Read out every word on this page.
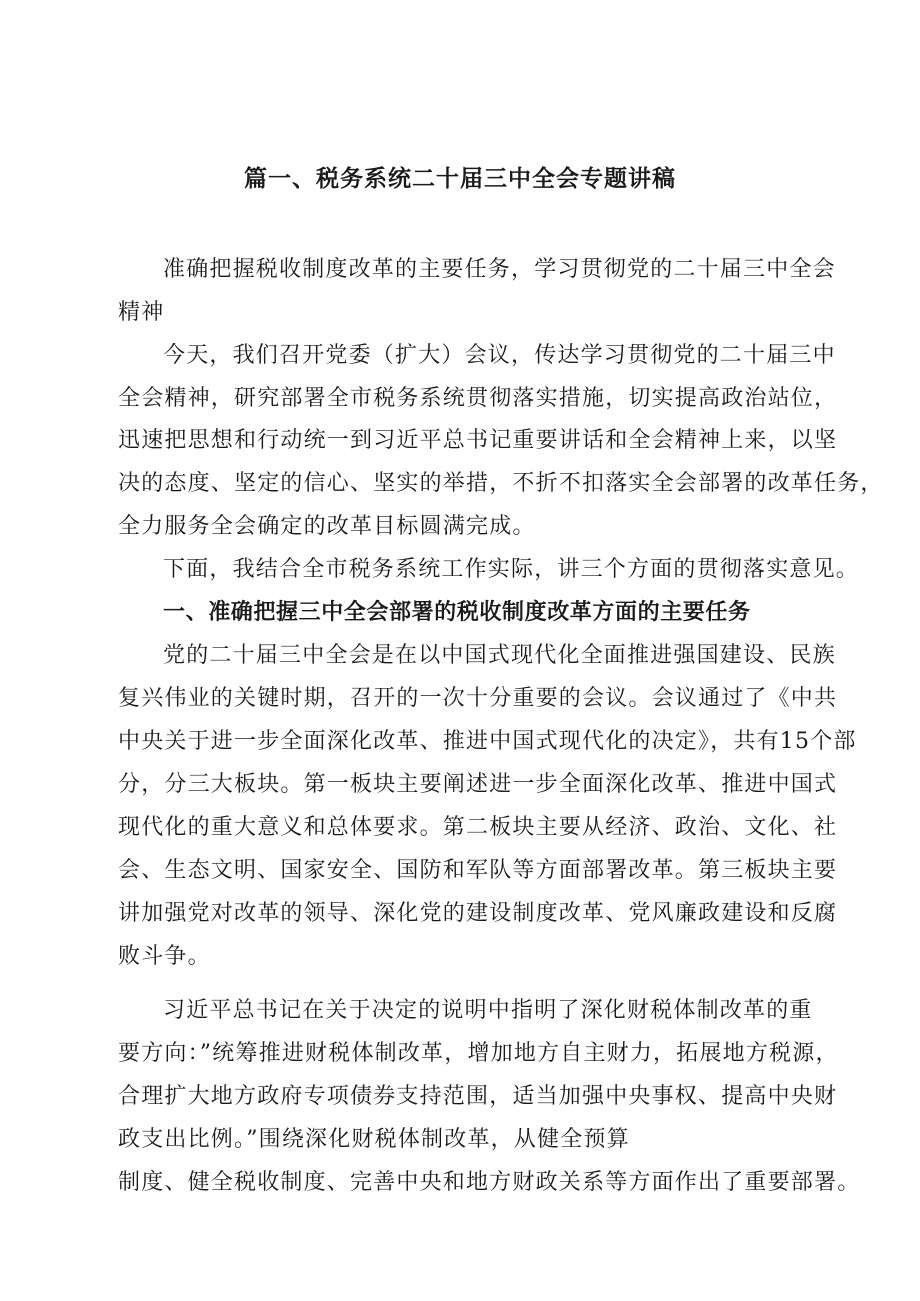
篇一、税务系统二十届三中全会专题讲稿
准确把握税收制度改革的主要任务，学习贯彻党的二十届三中全会
精神
今天，我们召开党委（扩大）会议，传达学习贯彻党的二十届三中
全会精神，研究部署全市税务系统贯彻落实措施，切实提高政治站位，
迅速把思想和行动统一到习近平总书记重要讲话和全会精神上来，以坚
决的态度、坚定的信心、坚实的举措，不折不扣落实全会部署的改革任务，
全力服务全会确定的改革目标圆满完成。
下面，我结合全市税务系统工作实际，讲三个方面的贯彻落实意见。
一、准确把握三中全会部署的税收制度改革方面的主要任务
党的二十届三中全会是在以中国式现代化全面推进强国建设、民族
复兴伟业的关键时期，召开的一次十分重要的会议。会议通过了《中共
中央关于进一步全面深化改革、推进中国式现代化的决定》，共有15个部
分，分三大板块。第一板块主要阐述进一步全面深化改革、推进中国式
现代化的重大意义和总体要求。第二板块主要从经济、政治、文化、社
会、生态文明、国家安全、国防和军队等方面部署改革。第三板块主要
讲加强党对改革的领导、深化党的建设制度改革、党风廉政建设和反腐
败斗争。
习近平总书记在关于决定的说明中指明了深化财税体制改革的重
要方向：”统筹推进财税体制改革，增加地方自主财力，拓展地方税源，
合理扩大地方政府专项债券支持范围，适当加强中央事权、提高中央财
政支出比例。”围绕深化财税体制改革，从健全预算
制度、健全税收制度、完善中央和地方财政关系等方面作出了重要部署。
